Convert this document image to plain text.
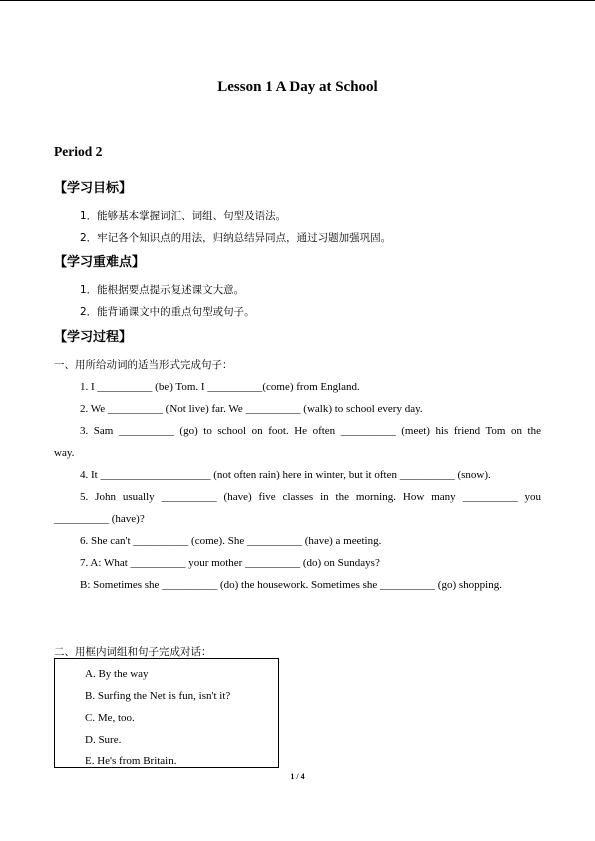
Lesson 1 A Day at School
Period 2
【学习目标】
1．能够基本掌握词汇、词组、句型及语法。
2．牢记各个知识点的用法，归纳总结异同点，通过习题加强巩固。
【学习重难点】
1．能根据要点提示复述课文大意。
2．能背诵课文中的重点句型或句子。
【学习过程】
一、用所给动词的适当形式完成句子：
1. I __________ (be) Tom. I __________(come) from England.
2. We __________ (Not live) far. We __________ (walk) to school every day.
3. Sam __________ (go) to school on foot. He often __________ (meet) his friend Tom on the
way.
4. It ____________________ (not often rain) here in winter, but it often __________ (snow).
5. John usually __________ (have) five classes in the morning. How many __________ you
__________ (have)?
6. She can't __________ (come). She __________ (have) a meeting.
7. A: What __________ your mother __________ (do) on Sundays?
B: Sometimes she __________ (do) the housework. Sometimes she __________ (go) shopping.
二、用框内词组和句子完成对话：
A. By the way
B. Surfing the Net is fun, isn't it?
C. Me, too.
D. Sure.
E. He's from Britain.
1 / 4
